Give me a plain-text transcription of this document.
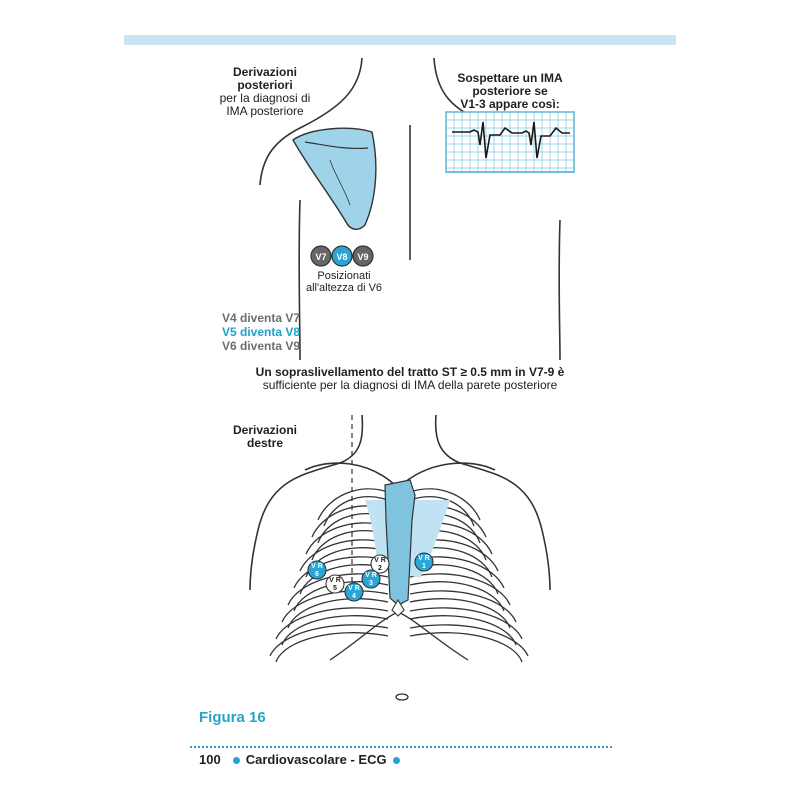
V7 V8 V9
V R
1
V R
2
V R
3
V R
4
V R
5
V R
6
Derivazioni
posteriori
per la diagnosi di
IMA posteriore
Sospettare un IMA
posteriore se
V1-3 appare così:
Posizionati
all'altezza di V6
V4 diventa V7
V5 diventa V8
V6 diventa V9
Un sopraslivellamento del tratto ST ≥ 0.5 mm in V7-9 è
sufficiente per la diagnosi di IMA della parete posteriore
Derivazioni
destre
Figura 16
100 Cardiovascolare - ECG
